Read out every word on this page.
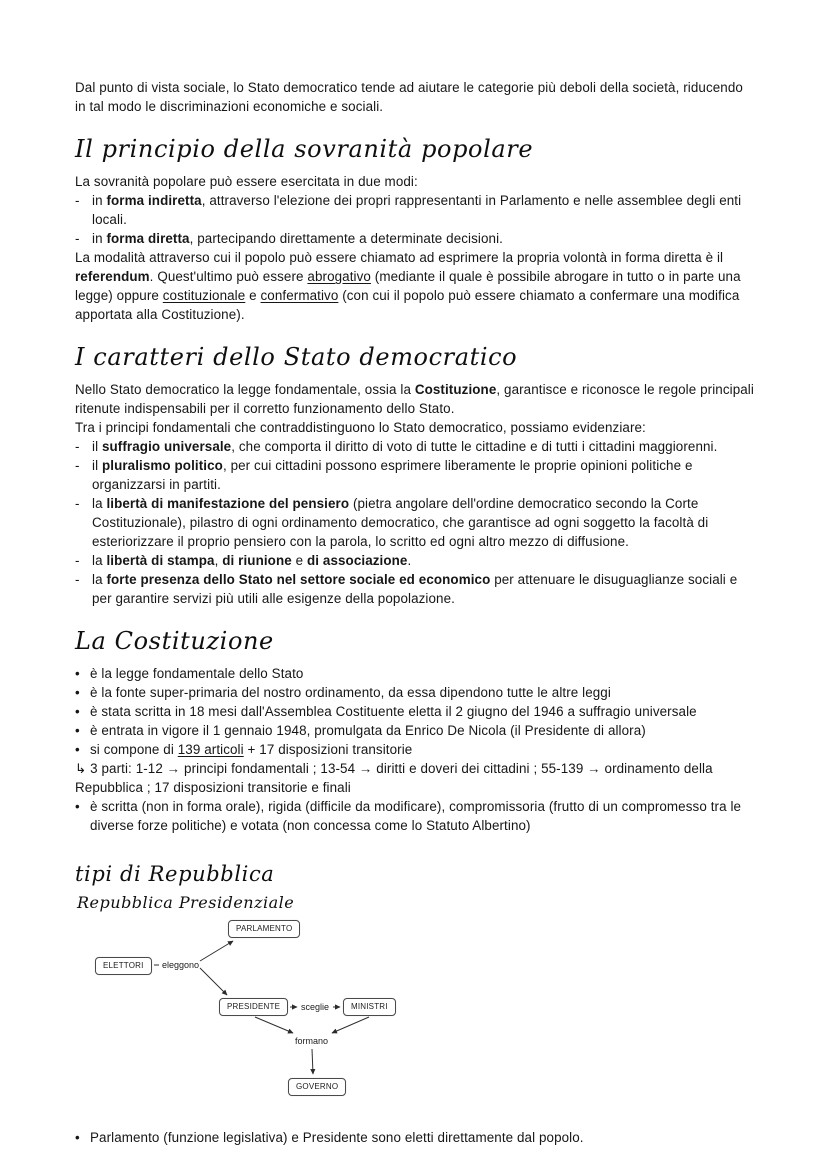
Dal punto di vista sociale, lo Stato democratico tende ad aiutare le categorie più deboli della società, riducendo in tal modo le discriminazioni economiche e sociali.

Il principio della sovranità popolare

La sovranità popolare può essere esercitata in due modi:

- in forma indiretta, attraverso l'elezione dei propri rappresentanti in Parlamento e nelle assemblee degli enti locali.
- in forma diretta, partecipando direttamente a determinate decisioni.

La modalità attraverso cui il popolo può essere chiamato ad esprimere la propria volontà in forma diretta è il referendum. Quest'ultimo può essere abrogativo (mediante il quale è possibile abrogare in tutto o in parte una legge) oppure costituzionale e confermativo (con cui il popolo può essere chiamato a confermare una modifica apportata alla Costituzione).

I caratteri dello Stato democratico

Nello Stato democratico la legge fondamentale, ossia la Costituzione, garantisce e riconosce le regole principali ritenute indispensabili per il corretto funzionamento dello Stato.

Tra i principi fondamentali che contraddistinguono lo Stato democratico, possiamo evidenziare:

- il suffragio universale, che comporta il diritto di voto di tutte le cittadine e di tutti i cittadini maggiorenni.
- il pluralismo politico, per cui cittadini possono esprimere liberamente le proprie opinioni politiche e organizzarsi in partiti.
- la libertà di manifestazione del pensiero (pietra angolare dell'ordine democratico secondo la Corte Costituzionale), pilastro di ogni ordinamento democratico, che garantisce ad ogni soggetto la facoltà di esteriorizzare il proprio pensiero con la parola, lo scritto ed ogni altro mezzo di diffusione.
- la libertà di stampa, di riunione e di associazione.
- la forte presenza dello Stato nel settore sociale ed economico per attenuare le disuguaglianze sociali e per garantire servizi più utili alle esigenze della popolazione.
La Costituzione
• è la legge fondamentale dello Stato
• è la fonte super-primaria del nostro ordinamento, da essa dipendono tutte le altre leggi
• è stata scritta in 18 mesi dall'Assemblea Costituente eletta il 2 giugno del 1946 a suffragio universale
• è entrata in vigore il 1 gennaio 1948, promulgata da Enrico De Nicola (il Presidente di allora)
• si compone di 139 articoli + 17 disposizioni transitorie

↳ 3 parti: 1-12 → principi fondamentali ; 13-54 → diritti e doveri dei cittadini ; 55-139 → ordinamento della Repubblica ; 17 disposizioni transitorie e finali

• è scritta (non in forma orale), rigida (difficile da modificare), compromissoria (frutto di un compromesso tra le diverse forze politiche) e votata (non concessa come lo Statuto Albertino)
tipi di Repubblica
Repubblica Presidenziale
PARLAMENTO
ELETTORI
PRESIDENTE	MINISTRI
GOVERNO
eleggono
sceglie
formano
• Parlamento (funzione legislativa) e Presidente sono eletti direttamente dal popolo.
